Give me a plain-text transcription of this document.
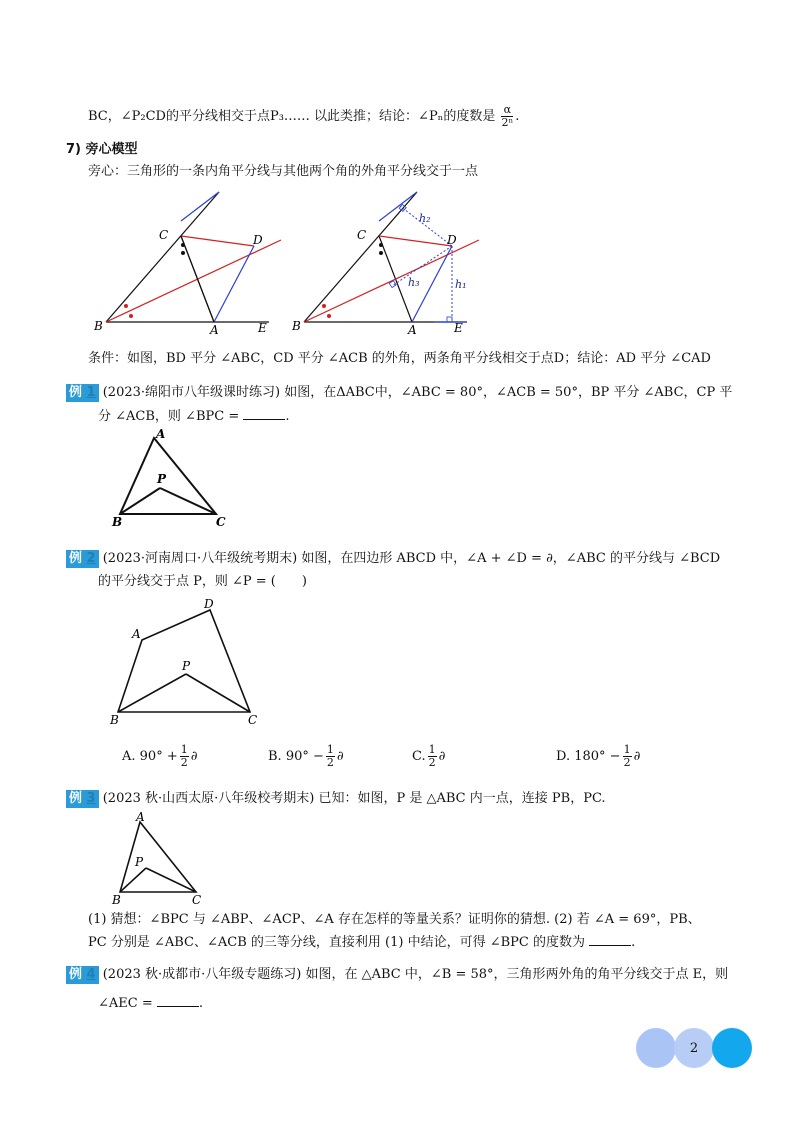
BC，∠P₂CD的平分线相交于点P₃…… 以此类推；结论：∠Pₙ的度数是 $\frac{\alpha}{\text{2ⁿ}}$ .
7) 旁心模型
旁心：三角形的一条内角平分线与其他两个角的外角平分线交于一点
C	D
B	A	E
C	D
B	A	E
h₁
h₂
h₃
条件：如图，BD 平分 ∠ABC，CD 平分 ∠ACB 的外角，两条角平分线相交于点D；结论：AD 平分 ∠CAD
例 1 (2023·绵阳市八年级课时练习) 如图，在ΔABC中，∠ABC = 80°，∠ACB = 50°，BP 平分 ∠ABC，CP 平
分 ∠ACB，则 ∠BPC =	.
A
P
B	C
例 2 (2023·河南周口·八年级统考期末) 如图，在四边形 ABCD 中，∠A + ∠D = ∂，∠ABC 的平分线与 ∠BCD
的平分线交于点 P，则 ∠P = (　　)
A
D
P
B	C
A. $90^\circ + \frac{1}{2}$ ∂	B. $90^\circ - \frac{1}{2}$ ∂	C. $\frac{1}{2}$ ∂	D. $180^\circ - \frac{1}{2}$ ∂
例 3 (2023 秋·山西太原·八年级校考期末) 已知：如图，P 是 △ABC 内一点，连接 PB，PC.
A
P
B	C
(1) 猜想：∠BPC 与 ∠ABP、∠ACP、∠A 存在怎样的等量关系？证明你的猜想. (2) 若 ∠A = 69°，PB、
PC 分别是 ∠ABC、∠ACB 的三等分线，直接利用 (1) 中结论，可得 ∠BPC 的度数为	.
例 4 (2023 秋·成都市·八年级专题练习) 如图，在 △ABC 中，∠B = 58°，三角形两外角的角平分线交于点 E，则
∠AEC =	.
2
